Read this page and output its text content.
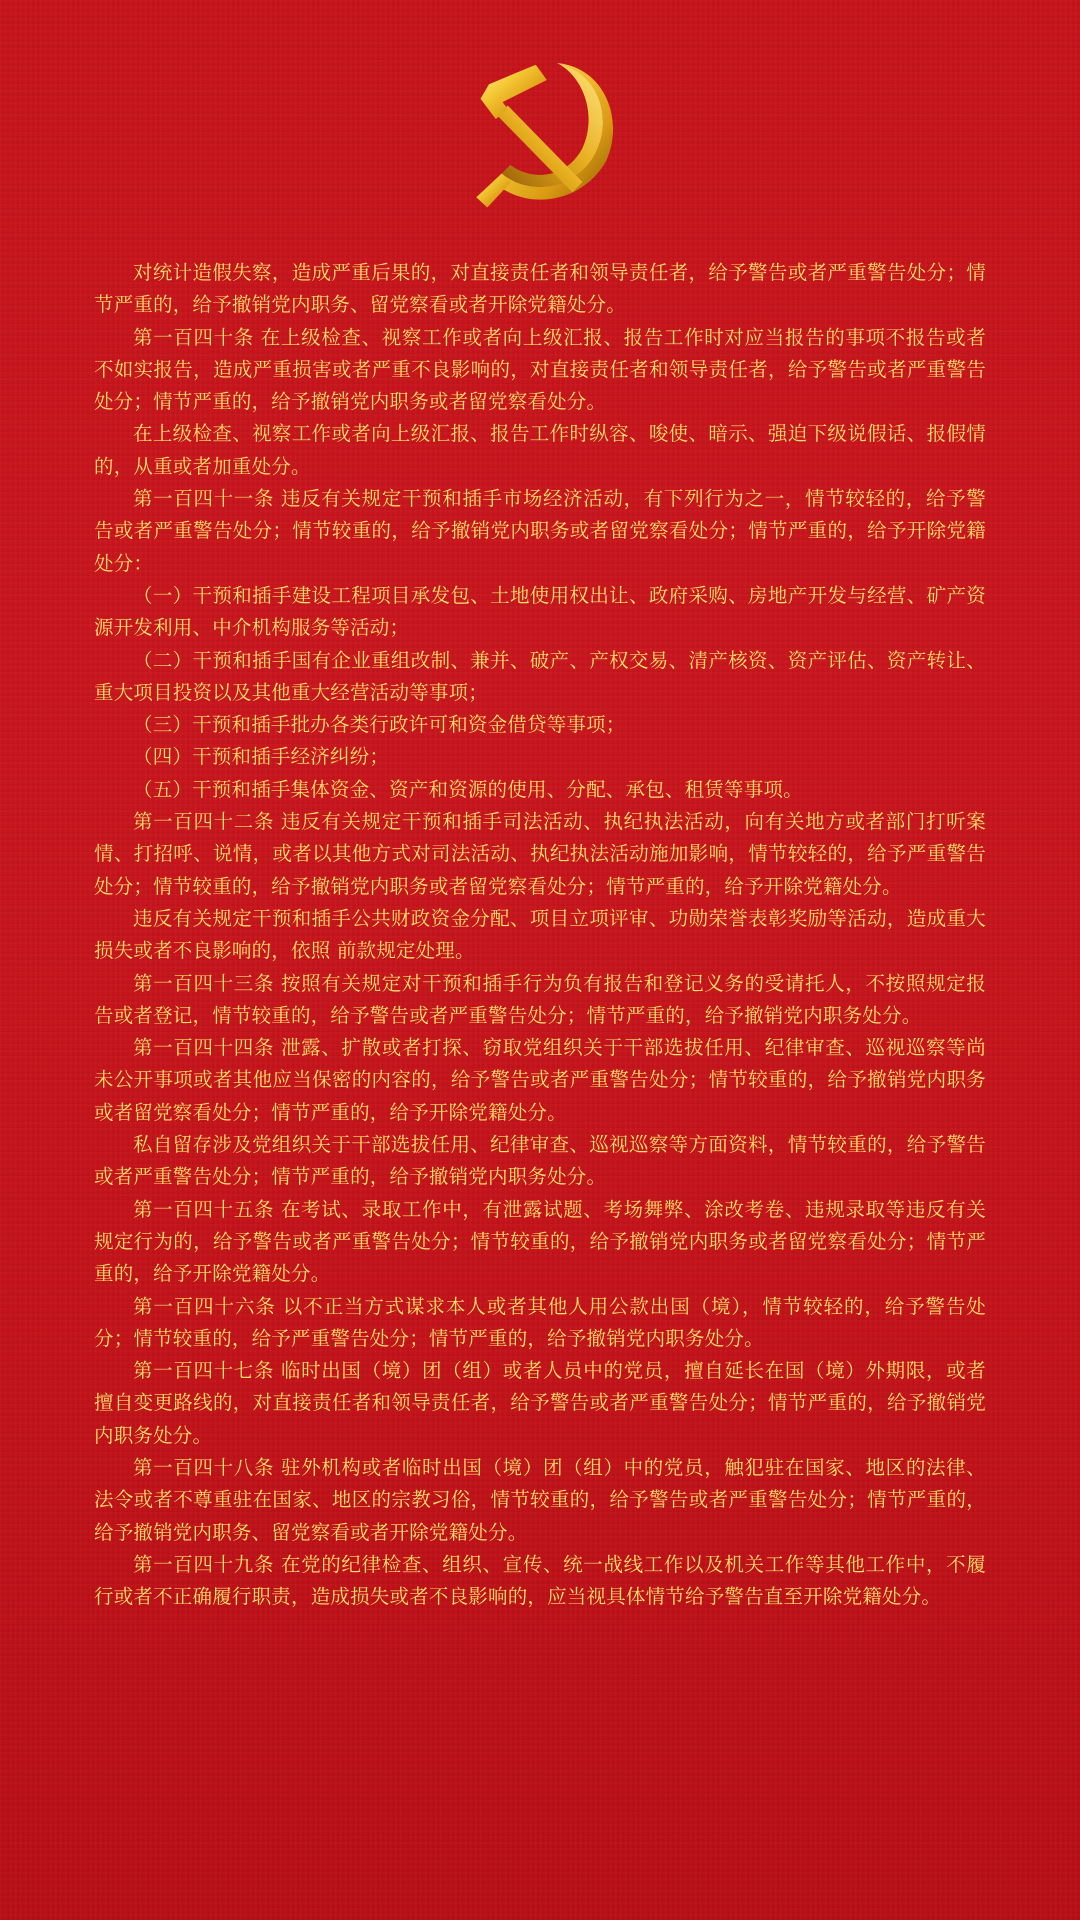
对统计造假失察，造成严重后果的，对直接责任者和领导责任者，给予警告或者严重警告处分；情节严重的，给予撤销党内职务、留党察看或者开除党籍处分。

第一百四十条 在上级检查、视察工作或者向上级汇报、报告工作时对应当报告的事项不报告或者不如实报告，造成严重损害或者严重不良影响的，对直接责任者和领导责任者，给予警告或者严重警告处分；情节严重的，给予撤销党内职务或者留党察看处分。

在上级检查、视察工作或者向上级汇报、报告工作时纵容、唆使、暗示、强迫下级说假话、报假情的，从重或者加重处分。

第一百四十一条 违反有关规定干预和插手市场经济活动，有下列行为之一，情节较轻的，给予警告或者严重警告处分；情节较重的，给予撤销党内职务或者留党察看处分；情节严重的，给予开除党籍处分：

（一）干预和插手建设工程项目承发包、土地使用权出让、政府采购、房地产开发与经营、矿产资源开发利用、中介机构服务等活动；

（二）干预和插手国有企业重组改制、兼并、破产、产权交易、清产核资、资产评估、资产转让、重大项目投资以及其他重大经营活动等事项；

（三）干预和插手批办各类行政许可和资金借贷等事项；

（四）干预和插手经济纠纷；

（五）干预和插手集体资金、资产和资源的使用、分配、承包、租赁等事项。

第一百四十二条 违反有关规定干预和插手司法活动、执纪执法活动，向有关地方或者部门打听案情、打招呼、说情，或者以其他方式对司法活动、执纪执法活动施加影响，情节较轻的，给予严重警告处分；情节较重的，给予撤销党内职务或者留党察看处分；情节严重的，给予开除党籍处分。

违反有关规定干预和插手公共财政资金分配、项目立项评审、功勋荣誉表彰奖励等活动，造成重大损失或者不良影响的，依照 前款规定处理。

第一百四十三条 按照有关规定对干预和插手行为负有报告和登记义务的受请托人，不按照规定报告或者登记，情节较重的，给予警告或者严重警告处分；情节严重的，给予撤销党内职务处分。

第一百四十四条 泄露、扩散或者打探、窃取党组织关于干部选拔任用、纪律审查、巡视巡察等尚未公开事项或者其他应当保密的内容的，给予警告或者严重警告处分；情节较重的，给予撤销党内职务或者留党察看处分；情节严重的，给予开除党籍处分。

私自留存涉及党组织关于干部选拔任用、纪律审查、巡视巡察等方面资料，情节较重的，给予警告或者严重警告处分；情节严重的，给予撤销党内职务处分。

第一百四十五条 在考试、录取工作中，有泄露试题、考场舞弊、涂改考卷、违规录取等违反有关规定行为的，给予警告或者严重警告处分；情节较重的，给予撤销党内职务或者留党察看处分；情节严重的，给予开除党籍处分。

第一百四十六条 以不正当方式谋求本人或者其他人用公款出国（境），情节较轻的，给予警告处分；情节较重的，给予严重警告处分；情节严重的，给予撤销党内职务处分。

第一百四十七条 临时出国（境）团（组）或者人员中的党员，擅自延长在国（境）外期限，或者擅自变更路线的，对直接责任者和领导责任者，给予警告或者严重警告处分；情节严重的，给予撤销党内职务处分。

第一百四十八条 驻外机构或者临时出国（境）团（组）中的党员，触犯驻在国家、地区的法律、法令或者不尊重驻在国家、地区的宗教习俗，情节较重的，给予警告或者严重警告处分；情节严重的，给予撤销党内职务、留党察看或者开除党籍处分。

第一百四十九条 在党的纪律检查、组织、宣传、统一战线工作以及机关工作等其他工作中，不履行或者不正确履行职责，造成损失或者不良影响的，应当视具体情节给予警告直至开除党籍处分。
